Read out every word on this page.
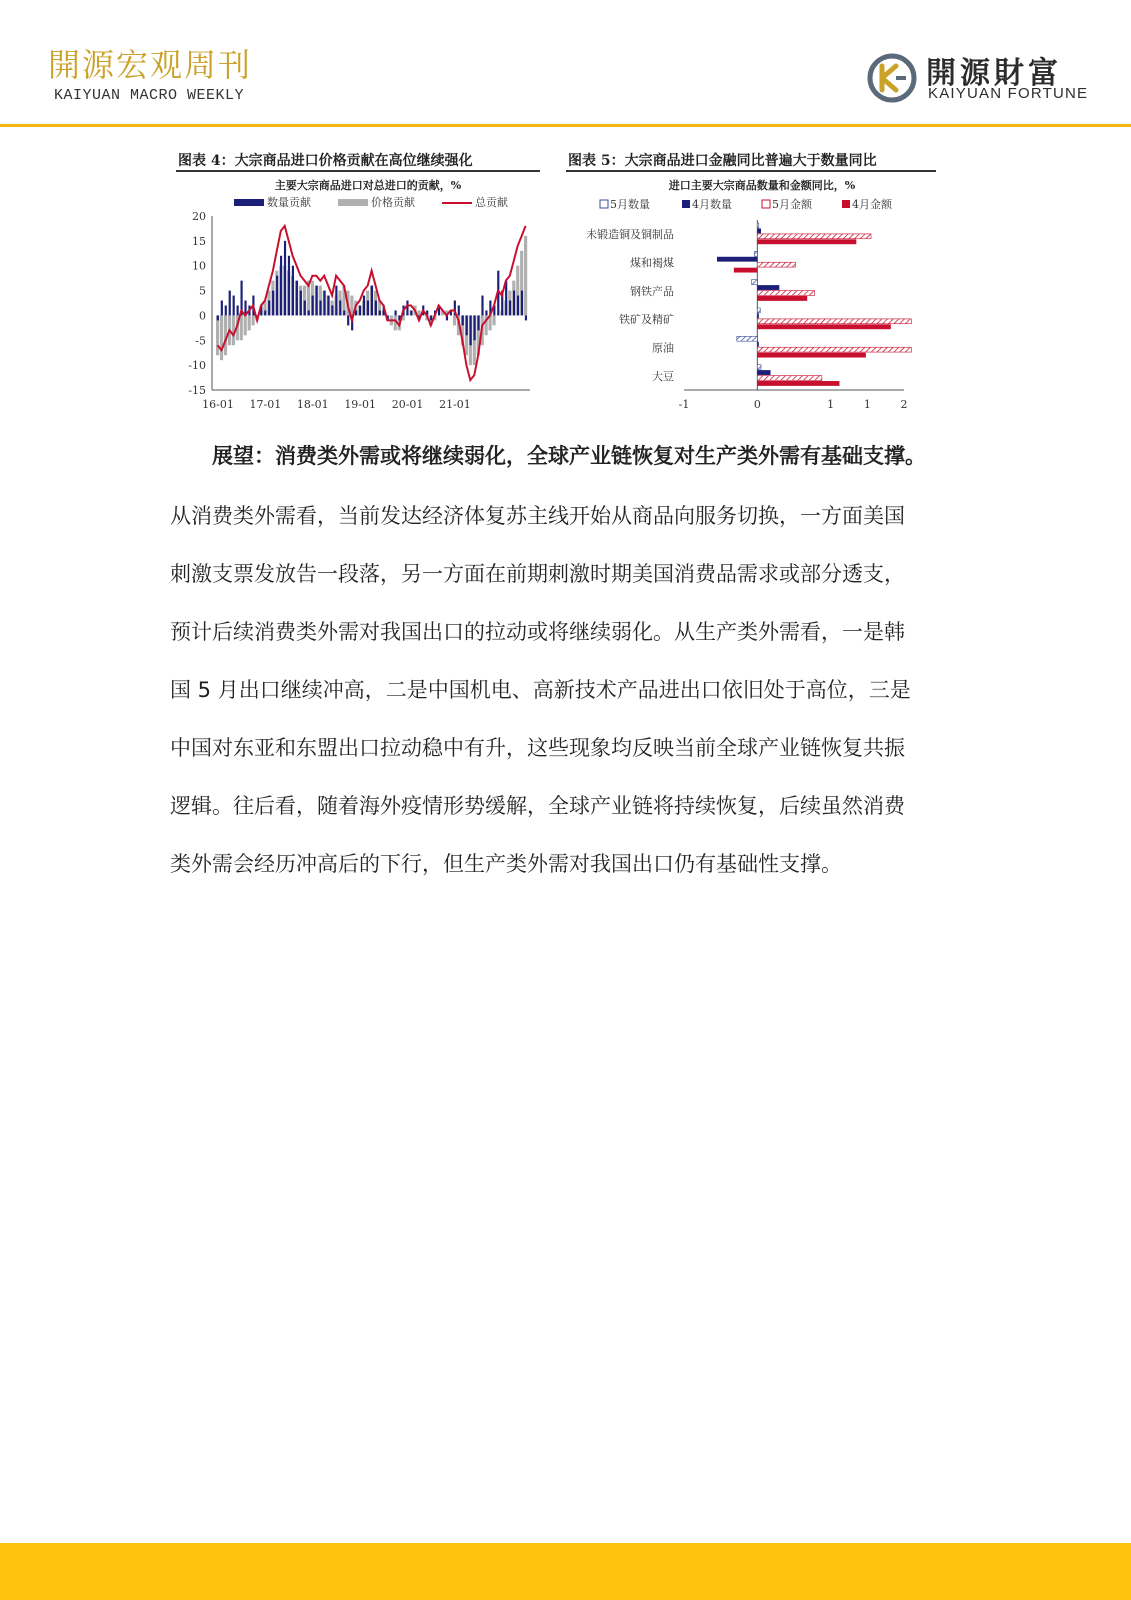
開源宏观周刊
KAIYUAN MACRO WEEKLY
開源財富
KAIYUAN FORTUNE
图表 4：大宗商品进口价格贡献在高位继续强化	图表 5：大宗商品进口金融同比普遍大于数量同比
主要大宗商品进口对总进口的贡献，%
数量贡献	价格贡献	总贡献
20
15
10
5
0
-5
-10
-15
16-01 17-01 18-01 19-01 20-01 21-01
进口主要大宗商品数量和金额同比，%
5月数量	4月数量	5月金额	4月金额
未锻造铜及铜制品
煤和褐煤
钢铁产品
铁矿及精矿
原油
大豆
-1	0	1	2
1
展望：消费类外需或将继续弱化，全球产业链恢复对生产类外需有基础支撑。
从消费类外需看，当前发达经济体复苏主线开始从商品向服务切换，一方面美国
刺激支票发放告一段落，另一方面在前期刺激时期美国消费品需求或部分透支，
预计后续消费类外需对我国出口的拉动或将继续弱化。从生产类外需看，一是韩
国 5 月出口继续冲高，二是中国机电、高新技术产品进出口依旧处于高位，三是
中国对东亚和东盟出口拉动稳中有升，这些现象均反映当前全球产业链恢复共振
逻辑。往后看，随着海外疫情形势缓解，全球产业链将持续恢复，后续虽然消费
类外需会经历冲高后的下行，但生产类外需对我国出口仍有基础性支撑。
